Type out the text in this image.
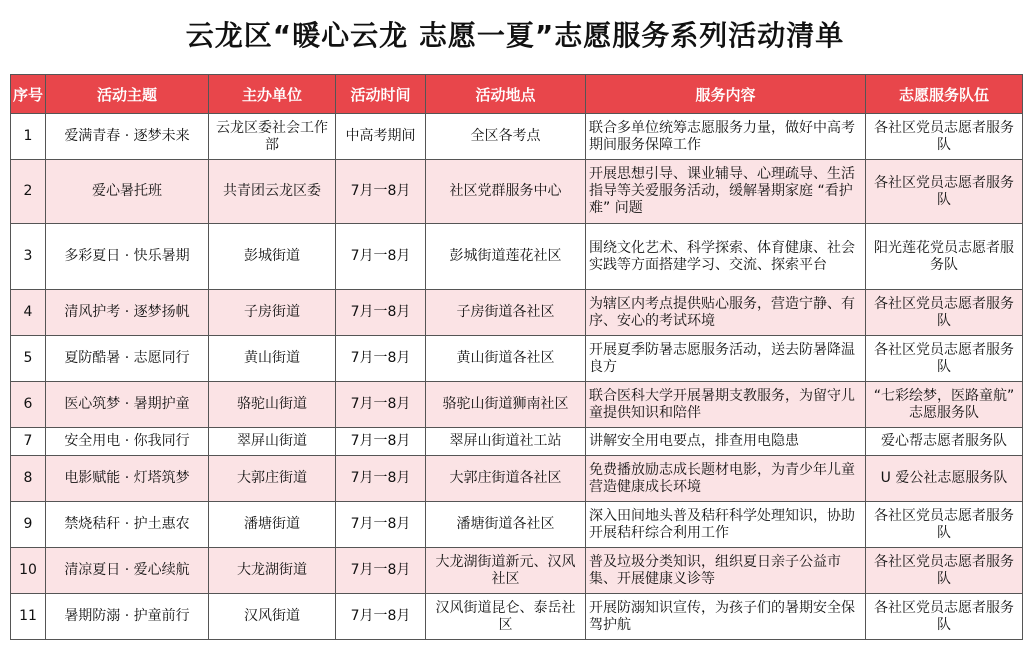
云龙区“暖心云龙 志愿一夏”志愿服务系列活动清单
序号	活动主题	主办单位	活动时间	活动地点	服务内容	志愿服务队伍
1	爱满青春 · 逐梦未来	云龙区委社会工作部	中高考期间	全区各考点	联合多单位统筹志愿服务力量，做好中高考期间服务保障工作	各社区党员志愿者服务队
2	爱心暑托班	共青团云龙区委	7月一8月	社区党群服务中心	开展思想引导、课业辅导、心理疏导、生活指导等关爱服务活动，缓解暑期家庭 “看护难” 问题	各社区党员志愿者服务队
3	多彩夏日 · 快乐暑期	彭城街道	7月一8月	彭城街道莲花社区	围绕文化艺术、科学探索、体育健康、社会实践等方面搭建学习、交流、探索平台	阳光莲花党员志愿者服务队
4	清风护考 · 逐梦扬帆	子房街道	7月一8月	子房街道各社区	为辖区内考点提供贴心服务，营造宁静、有序、安心的考试环境	各社区党员志愿者服务队
5	夏防酷暑 · 志愿同行	黄山街道	7月一8月	黄山街道各社区	开展夏季防暑志愿服务活动，送去防暑降温良方	各社区党员志愿者服务队
6	医心筑梦 · 暑期护童	骆驼山街道	7月一8月	骆驼山街道狮南社区	联合医科大学开展暑期支教服务，为留守儿童提供知识和陪伴	“七彩绘梦，医路童航” 志愿服务队
7	安全用电 · 你我同行	翠屏山街道	7月一8月	翠屏山街道社工站	讲解安全用电要点，排查用电隐患	爱心帮志愿者服务队
8	电影赋能 · 灯塔筑梦	大郭庄街道	7月一8月	大郭庄街道各社区	免费播放励志成长题材电影，为青少年儿童营造健康成长环境	U 爱公社志愿服务队
9	禁烧秸秆 · 护土惠农	潘塘街道	7月一8月	潘塘街道各社区	深入田间地头普及秸秆科学处理知识，协助开展秸秆综合利用工作	各社区党员志愿者服务队
10	清凉夏日 · 爱心续航	大龙湖街道	7月一8月	大龙湖街道新元、汉风社区	普及垃圾分类知识，组织夏日亲子公益市集、开展健康义诊等	各社区党员志愿者服务队
11	暑期防溺 · 护童前行	汉风街道	7月一8月	汉风街道昆仑、泰岳社区	开展防溺知识宣传，为孩子们的暑期安全保驾护航	各社区党员志愿者服务队
